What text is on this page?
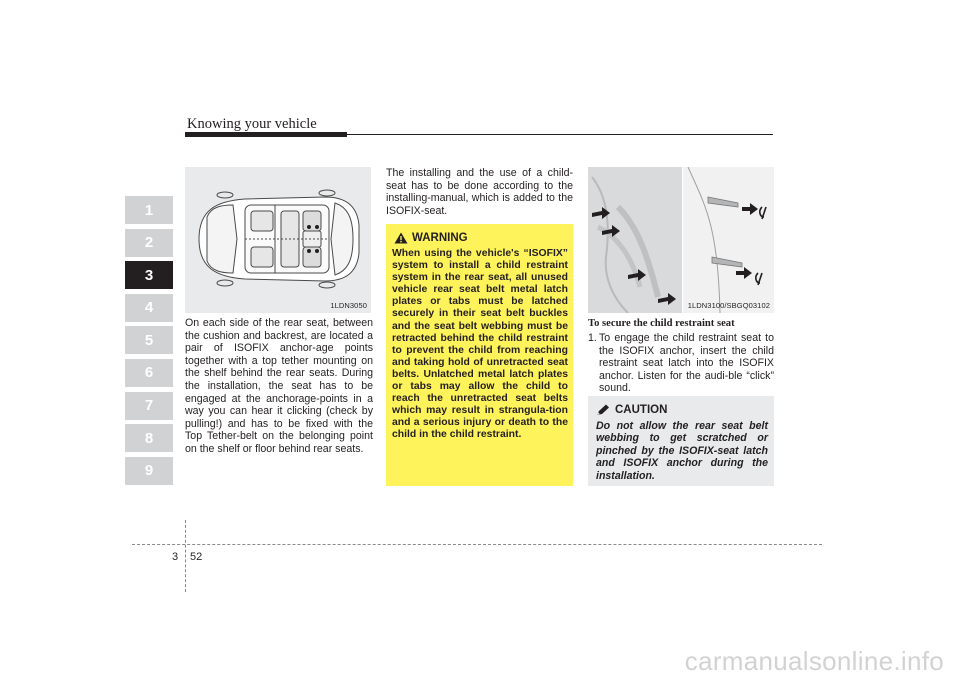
Knowing your vehicle
1
2
3
4
5
6
7
8
9
1LDN3050
On each side of the rear seat, between the cushion and backrest, are located a pair of ISOFIX anchor-age points together with a top tether mounting on the shelf behind the rear seats. During the installation, the seat has to be engaged at the anchorage-points in a way you can hear it clicking (check by pulling!) and has to be fixed with the Top Tether-belt on the belonging point on the shelf or floor behind rear seats.
The installing and the use of a child-seat has to be done according to the installing-manual, which is added to the ISOFIX-seat.
WARNING
When using the vehicle's “ISOFIX” system to install a child restraint system in the rear seat, all unused vehicle rear seat belt metal latch plates or tabs must be latched securely in their seat belt buckles and the seat belt webbing must be retracted behind the child restraint to prevent the child from reaching and taking hold of unretracted seat belts. Unlatched metal latch plates or tabs may allow the child to reach the unretracted seat belts which may result in strangula-tion and a serious injury or death to the child in the child restraint.
1LDN3100/SBGQ03102
To secure the child restraint seat
1. To engage the child restraint seat to the ISOFIX anchor, insert the child restraint seat latch into the ISOFIX anchor. Listen for the audi-ble “click” sound.
CAUTION
Do not allow the rear seat belt webbing to get scratched or pinched by the ISOFIX-seat latch and ISOFIX anchor during the installation.
3 52
carmanualsonline.info
